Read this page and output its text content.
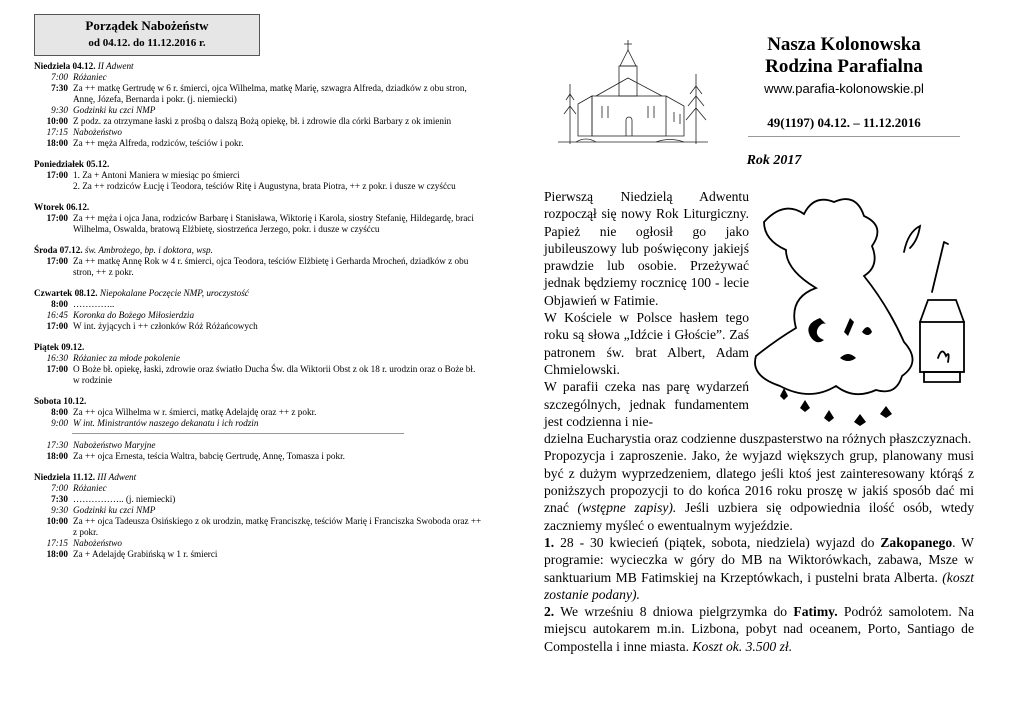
Porządek Nabożeństw
od 04.12. do 11.12.2016 r.
Niedziela 04.12. II Adwent
7:00 Różaniec
7:30 Za ++ matkę Gertrudę w 6 r. śmierci, ojca Wilhelma, matkę Marię, szwagra Alfreda, dziadków z obu stron, Annę, Józefa, Bernarda i pokr. (j. niemiecki)
9:30 Godzinki ku czci NMP
10:00 Z podz. za otrzymane łaski z prośbą o dalszą Bożą opiekę, bł. i zdrowie dla córki Barbary z ok imienin
17:15 Nabożeństwo
18:00 Za ++ męża Alfreda, rodziców, teściów i pokr.
Poniedziałek 05.12.
17:00 1. Za + Antoni Maniera w miesiąc po śmierci
2. Za ++ rodziców Łucję i Teodora, teściów Ritę i Augustyna, brata Piotra, ++ z pokr. i dusze w czyśćcu
Wtorek 06.12.
17:00 Za ++ męża i ojca Jana, rodziców Barbarę i Stanisława, Wiktorię i Karola, siostry Stefanię, Hildegardę, braci Wilhelma, Oswalda, bratową Elżbietę, siostrzeńca Jerzego, pokr. i dusze w czyśćcu
Środa 07.12. św. Ambrożego, bp. i doktora, wsp.
17:00 Za ++ matkę Annę Rok w 4 r. śmierci, ojca Teodora, teściów Elżbietę i Gerharda Mrocheń, dziadków z obu stron, ++ z pokr.
Czwartek 08.12. Niepokalane Poczęcie NMP, uroczystość
8:00 …………..
16:45 Koronka do Bożego Miłosierdzia
17:00 W int. żyjących i ++ członków Róż Różańcowych
Piątek 09.12.
16:30 Różaniec za młode pokolenie
17:00 O Boże bł. opiekę, łaski, zdrowie oraz światło Ducha Św. dla Wiktorii Obst z ok 18 r. urodzin oraz o Boże bł. w rodzinie
Sobota 10.12.
8:00 Za ++ ojca Wilhelma w r. śmierci, matkę Adelajdę oraz ++ z pokr.
9:00 W int. Ministrantów naszego dekanatu i ich rodzin
17:30 Nabożeństwo Maryjne
18:00 Za ++ ojca Ernesta, teścia Waltra, babcię Gertrudę, Annę, Tomasza i pokr.
Niedziela 11.12. III Adwent
7:00 Różaniec
7:30 …………….. (j. niemiecki)
9:30 Godzinki ku czci NMP
10:00 Za ++ ojca Tadeusza Osińskiego z ok urodzin, matkę Franciszkę, teściów Marię i Franciszka Swoboda oraz ++ z pokr.
17:15 Nabożeństwo
18:00 Za + Adelajdę Grabińską w 1 r. śmierci
Nasza Kolonowska
Rodzina Parafialna
www.parafia-kolonowskie.pl
49(1197) 04.12. – 11.12.2016
Rok 2017
Pierwszą Niedzielą Adwentu rozpoczął się nowy Rok Liturgiczny. Papież nie ogłosił go jako jubileuszowy lub poświęcony jakiejś prawdzie lub osobie. Przeżywać jednak będziemy rocznicę 100 - lecie Objawień w Fatimie.
W Kościele w Polsce hasłem tego roku są słowa „Idźcie i Głoście”. Zaś patronem św. brat Albert, Adam Chmielowski.
W parafii czeka nas parę wydarzeń szczególnych, jednak fundamentem jest codzienna i nie-
dzielna Eucharystia oraz codzienne duszpasterstwo na różnych płaszczyznach.
Propozycja i zaproszenie. Jako, że wyjazd większych grup, planowany musi być z dużym wyprzedzeniem, dlatego jeśli ktoś jest zainteresowany którąś z poniższych propozycji to do końca 2016 roku proszę w jakiś sposób dać mi znać (wstępne zapisy). Jeśli uzbiera się odpowiednia ilość osób, wtedy zaczniemy myśleć o ewentualnym wyjeździe.
1. 28 - 30 kwiecień (piątek, sobota, niedziela) wyjazd do Zakopanego. W programie: wycieczka w góry do MB na Wiktorówkach, zabawa, Msze w sanktuarium MB Fatimskiej na Krzeptówkach, i pustelni brata Alberta. (koszt zostanie podany).
2. We wrześniu 8 dniowa pielgrzymka do Fatimy. Podróż samolotem. Na miejscu autokarem m.in. Lizbona, pobyt nad oceanem, Porto, Santiago de Compostella i inne miasta. Koszt ok. 3.500 zł.
